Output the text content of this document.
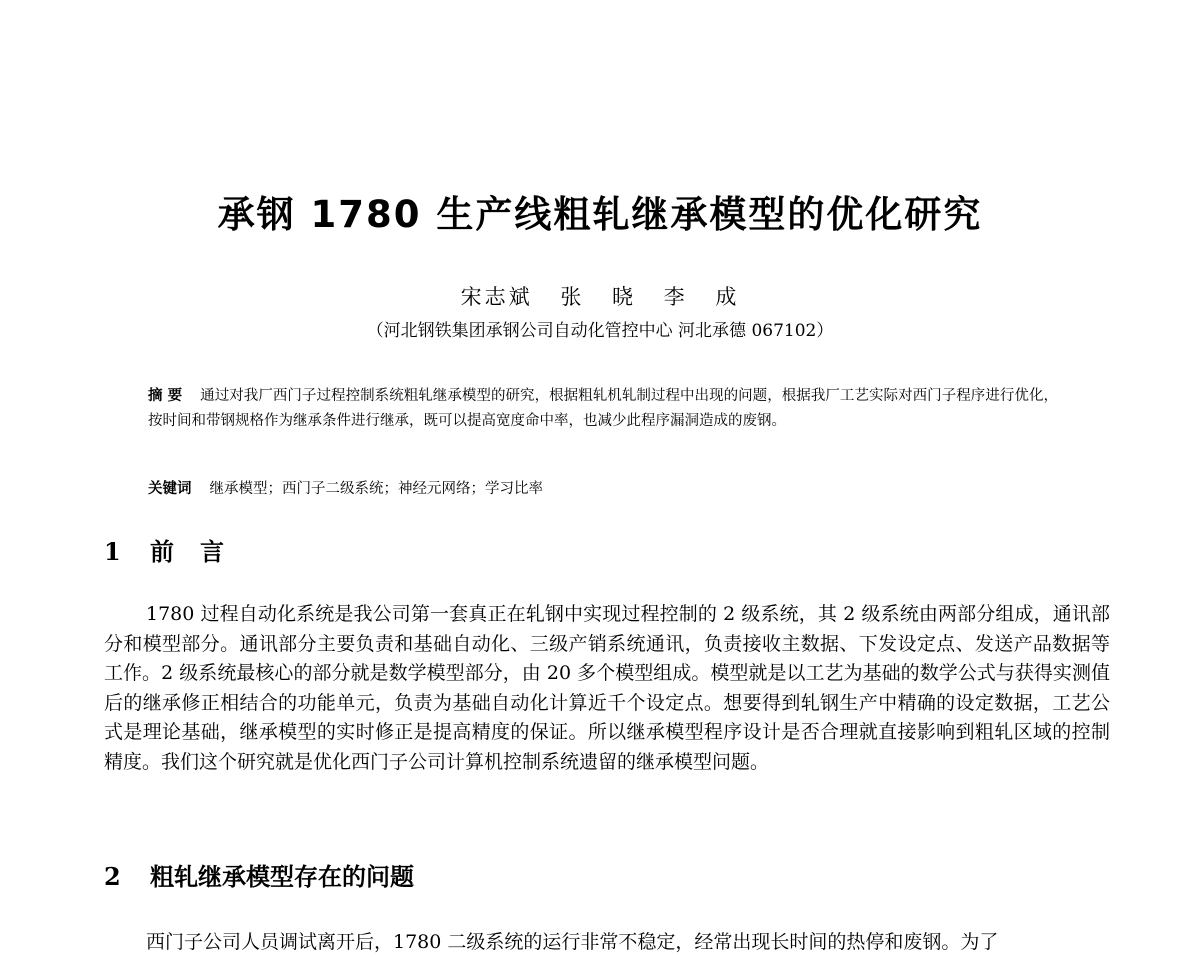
承钢 1780 生产线粗轧继承模型的优化研究
宋志斌 张 晓 李 成
（河北钢铁集团承钢公司自动化管控中心 河北承德 067102）

摘 要 通过对我厂西门子过程控制系统粗轧继承模型的研究，根据粗轧机轧制过程中出现的问题，根据我厂工艺实际对西门子程序进行优化，按时间和带钢规格作为继承条件进行继承，既可以提高宽度命中率，也减少此程序漏洞造成的废钢。

关键词 继承模型；西门子二级系统；神经元网络；学习比率

1 前言

1780 过程自动化系统是我公司第一套真正在轧钢中实现过程控制的 2 级系统，其 2 级系统由两部分组成，通讯部分和模型部分。通讯部分主要负责和基础自动化、三级产销系统通讯，负责接收主数据、下发设定点、发送产品数据等工作。2 级系统最核心的部分就是数学模型部分，由 20 多个模型组成。模型就是以工艺为基础的数学公式与获得实测值后的继承修正相结合的功能单元，负责为基础自动化计算近千个设定点。想要得到轧钢生产中精确的设定数据，工艺公式是理论基础，继承模型的实时修正是提高精度的保证。所以继承模型程序设计是否合理就直接影响到粗轧区域的控制精度。我们这个研究就是优化西门子公司计算机控制系统遗留的继承模型问题。

2 粗轧继承模型存在的问题

西门子公司人员调试离开后，1780 二级系统的运行非常不稳定，经常出现长时间的热停和废钢。为了
